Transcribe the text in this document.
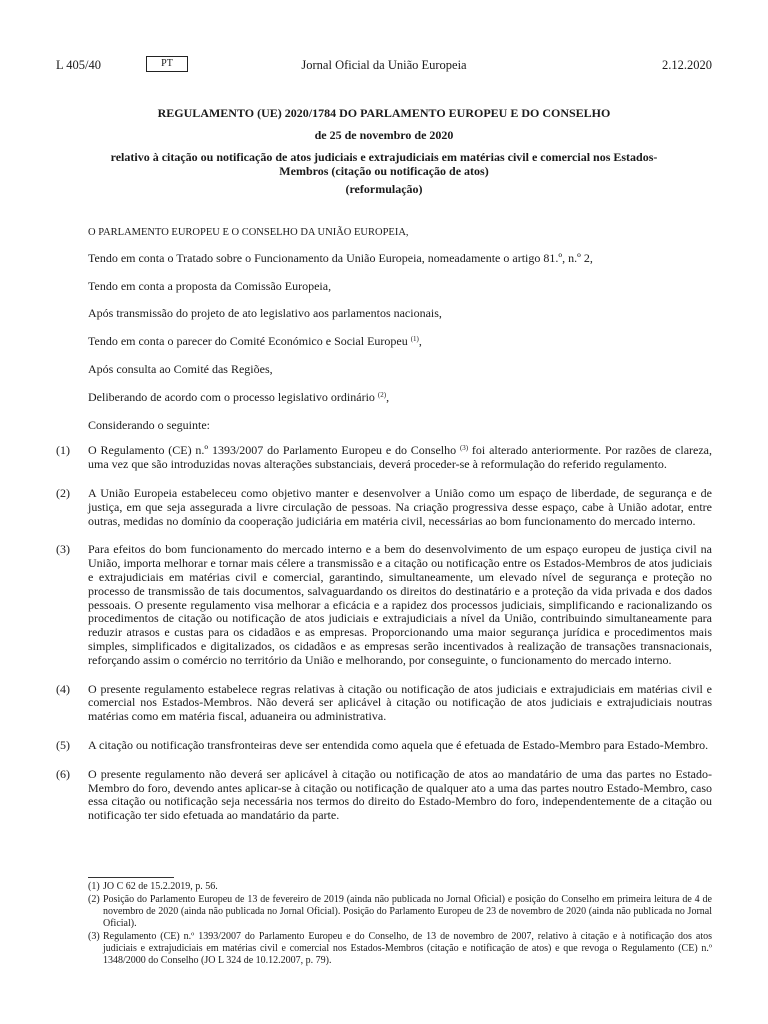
L 405/40	PT	Jornal Oficial da União Europeia	2.12.2020
REGULAMENTO (UE) 2020/1784 DO PARLAMENTO EUROPEU E DO CONSELHO
de 25 de novembro de 2020
relativo à citação ou notificação de atos judiciais e extrajudiciais em matérias civil e comercial nos Estados-Membros (citação ou notificação de atos)
(reformulação)

O PARLAMENTO EUROPEU E O CONSELHO DA UNIÃO EUROPEIA,

Tendo em conta o Tratado sobre o Funcionamento da União Europeia, nomeadamente o artigo 81.º, n.º 2,

Tendo em conta a proposta da Comissão Europeia,

Após transmissão do projeto de ato legislativo aos parlamentos nacionais,

Tendo em conta o parecer do Comité Económico e Social Europeu $^{(1)}$,

Após consulta ao Comité das Regiões,

Deliberando de acordo com o processo legislativo ordinário $^{(2)}$,

Considerando o seguinte:

(1) O Regulamento (CE) n.º 1393/2007 do Parlamento Europeu e do Conselho $^{(3)}$ foi alterado anteriormente. Por razões de clareza, uma vez que são introduzidas novas alterações substanciais, deverá proceder-se à reformulação do referido regulamento.

(2) A União Europeia estabeleceu como objetivo manter e desenvolver a União como um espaço de liberdade, de segurança e de justiça, em que seja assegurada a livre circulação de pessoas. Na criação progressiva desse espaço, cabe à União adotar, entre outras, medidas no domínio da cooperação judiciária em matéria civil, necessárias ao bom funcionamento do mercado interno.

(3) Para efeitos do bom funcionamento do mercado interno e a bem do desenvolvimento de um espaço europeu de justiça civil na União, importa melhorar e tornar mais célere a transmissão e a citação ou notificação entre os Estados-Membros de atos judiciais e extrajudiciais em matérias civil e comercial, garantindo, simultaneamente, um elevado nível de segurança e proteção no processo de transmissão de tais documentos, salvaguardando os direitos do destinatário e a proteção da vida privada e dos dados pessoais. O presente regulamento visa melhorar a eficácia e a rapidez dos processos judiciais, simplificando e racionalizando os procedimentos de citação ou notificação de atos judiciais e extrajudiciais a nível da União, contribuindo simultaneamente para reduzir atrasos e custas para os cidadãos e as empresas. Proporcionando uma maior segurança jurídica e procedimentos mais simples, simplificados e digitalizados, os cidadãos e as empresas serão incentivados à realização de transações transnacionais, reforçando assim o comércio no território da União e melhorando, por conseguinte, o funcionamento do mercado interno.

(4) O presente regulamento estabelece regras relativas à citação ou notificação de atos judiciais e extrajudiciais em matérias civil e comercial nos Estados-Membros. Não deverá ser aplicável à citação ou notificação de atos judiciais e extrajudiciais noutras matérias como em matéria fiscal, aduaneira ou administrativa.

(5) A citação ou notificação transfronteiras deve ser entendida como aquela que é efetuada de Estado-Membro para Estado-Membro.

(6) O presente regulamento não deverá ser aplicável à citação ou notificação de atos ao mandatário de uma das partes no Estado-Membro do foro, devendo antes aplicar-se à citação ou notificação de qualquer ato a uma das partes noutro Estado-Membro, caso essa citação ou notificação seja necessária nos termos do direito do Estado-Membro do foro, independentemente de a citação ou notificação ter sido efetuada ao mandatário da parte.

(1) JO C 62 de 15.2.2019, p. 56.
(2) Posição do Parlamento Europeu de 13 de fevereiro de 2019 (ainda não publicada no Jornal Oficial) e posição do Conselho em primeira leitura de 4 de novembro de 2020 (ainda não publicada no Jornal Oficial). Posição do Parlamento Europeu de 23 de novembro de 2020 (ainda não publicada no Jornal Oficial).
(3) Regulamento (CE) n.º 1393/2007 do Parlamento Europeu e do Conselho, de 13 de novembro de 2007, relativo à citação e à notificação dos atos judiciais e extrajudiciais em matérias civil e comercial nos Estados-Membros (citação e notificação de atos) e que revoga o Regulamento (CE) n.º 1348/2000 do Conselho (JO L 324 de 10.12.2007, p. 79).
